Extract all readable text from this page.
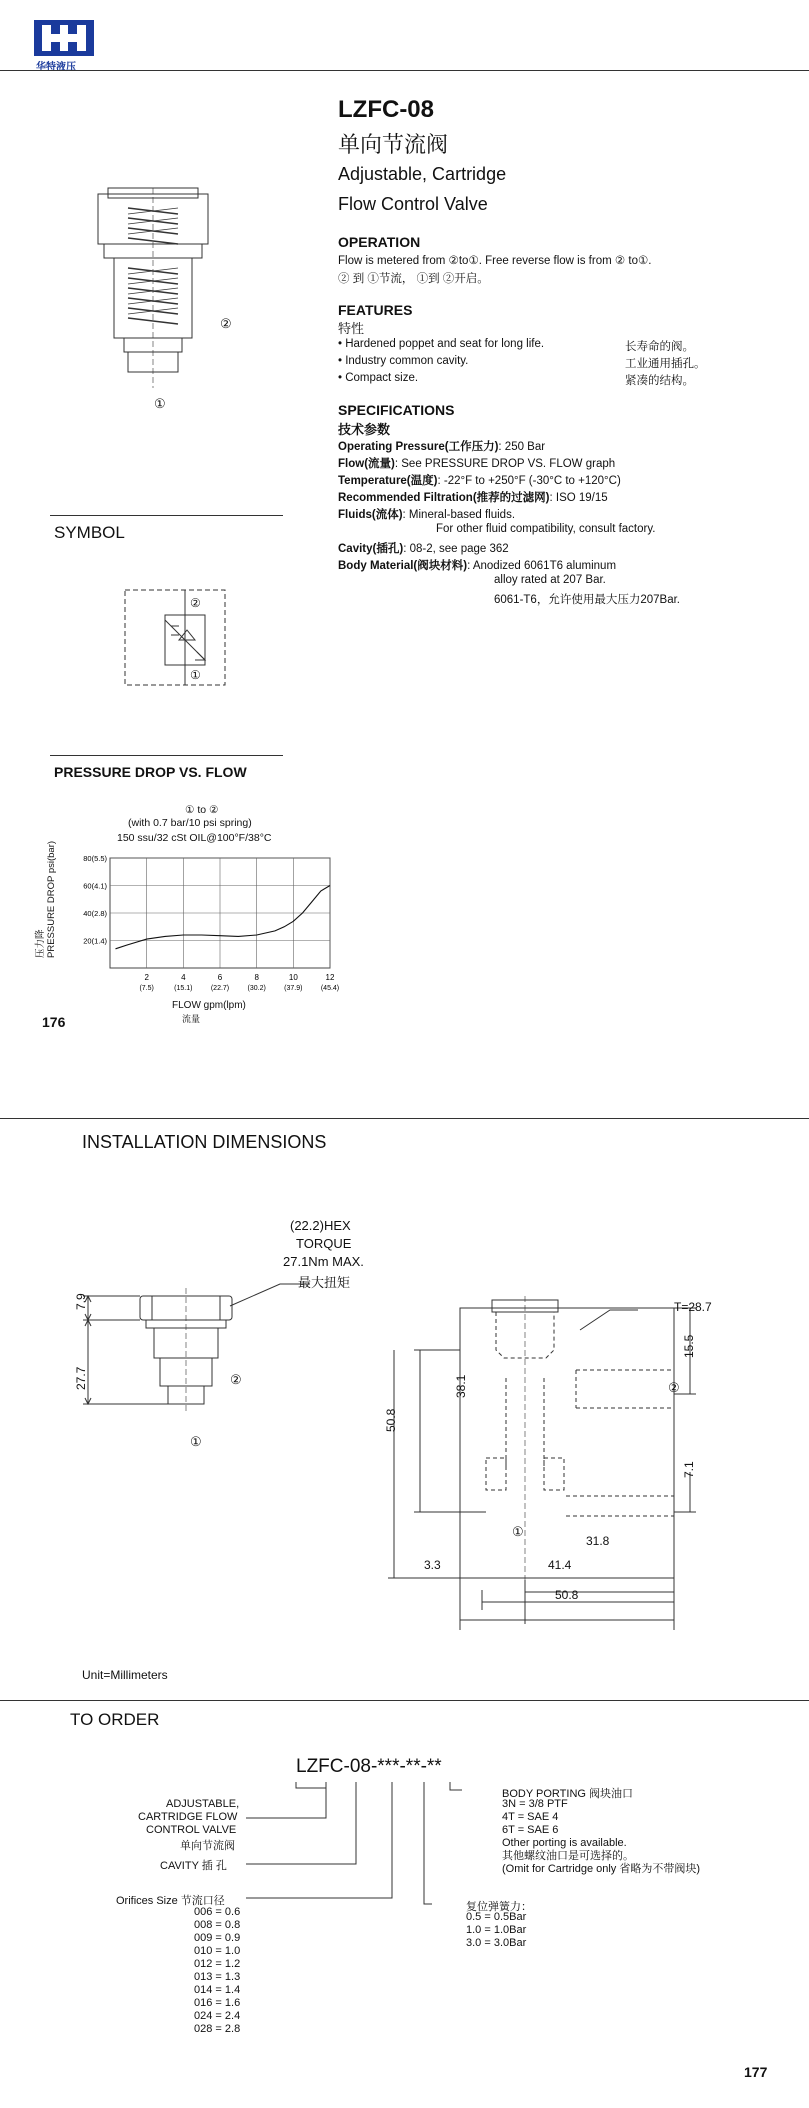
华特液压
LZFC-08
单向节流阀
Adjustable, Cartridge
Flow Control Valve
OPERATION
Flow is metered from ②to①. Free reverse flow is from ② to①.
② 到 ①节流， ①到 ②开启。
FEATURES
特性
• Hardened poppet and seat for long life.	长寿命的阀。
• Industry common cavity.	工业通用插孔。
• Compact size.	紧凑的结构。
SPECIFICATIONS
技术参数
Operating Pressure(工作压力): 250 Bar
Flow(流量): See PRESSURE DROP VS. FLOW graph
Temperature(温度): -22°F to +250°F (-30°C to +120°C)
Recommended Filtration(推荐的过滤网): ISO 19/15
Fluids(流体): Mineral-based fluids.
For other fluid compatibility, consult factory.
Cavity(插孔): 08-2, see page 362
Body Material(阀块材料): Anodized 6061T6 aluminum
alloy rated at 207 Bar.
6061-T6，允许使用最大压力207Bar.
②
①
SYMBOL
②
①
PRESSURE DROP VS. FLOW
① to ②
(with 0.7 bar/10 psi spring)
150 ssu/32 cSt OIL@100°F/38°C
压力降
PRESSURE DROP psi(bar)
2
(7.5)
4
(15.1)
6
(22.7)
8
(30.2)
10
(37.9)
12
(45.4)
20(1.4)
40(2.8)
60(4.1)
80(5.5)
FLOW gpm(lpm)
流量
176
INSTALLATION DIMENSIONS
(22.2)HEX
TORQUE
27.1Nm MAX.
最大扭矩
7.9
27.7	②
①
T=28.7
15.5
②
38.1
50.8
7.1
①
31.8
3.3	41.4
50.8
Unit=Millimeters
TO ORDER
LZFC-08-***-**-**
ADJUSTABLE,
CARTRIDGE FLOW
CONTROL VALVE
单向节流阀
CAVITY 插 孔
Orifices Size 节流口径
006 = 0.6
008 = 0.8
009 = 0.9
010 = 1.0
012 = 1.2
013 = 1.3
014 = 1.4
016 = 1.6
024 = 2.4
028 = 2.8
BODY PORTING 阀块油口
3N = 3/8 PTF
4T = SAE 4
6T = SAE 6
Other porting is available.
其他螺纹油口是可选择的。
(Omit for Cartridge only 省略为不带阀块)
复位弹簧力：
0.5 = 0.5Bar
1.0 = 1.0Bar
3.0 = 3.0Bar
177
